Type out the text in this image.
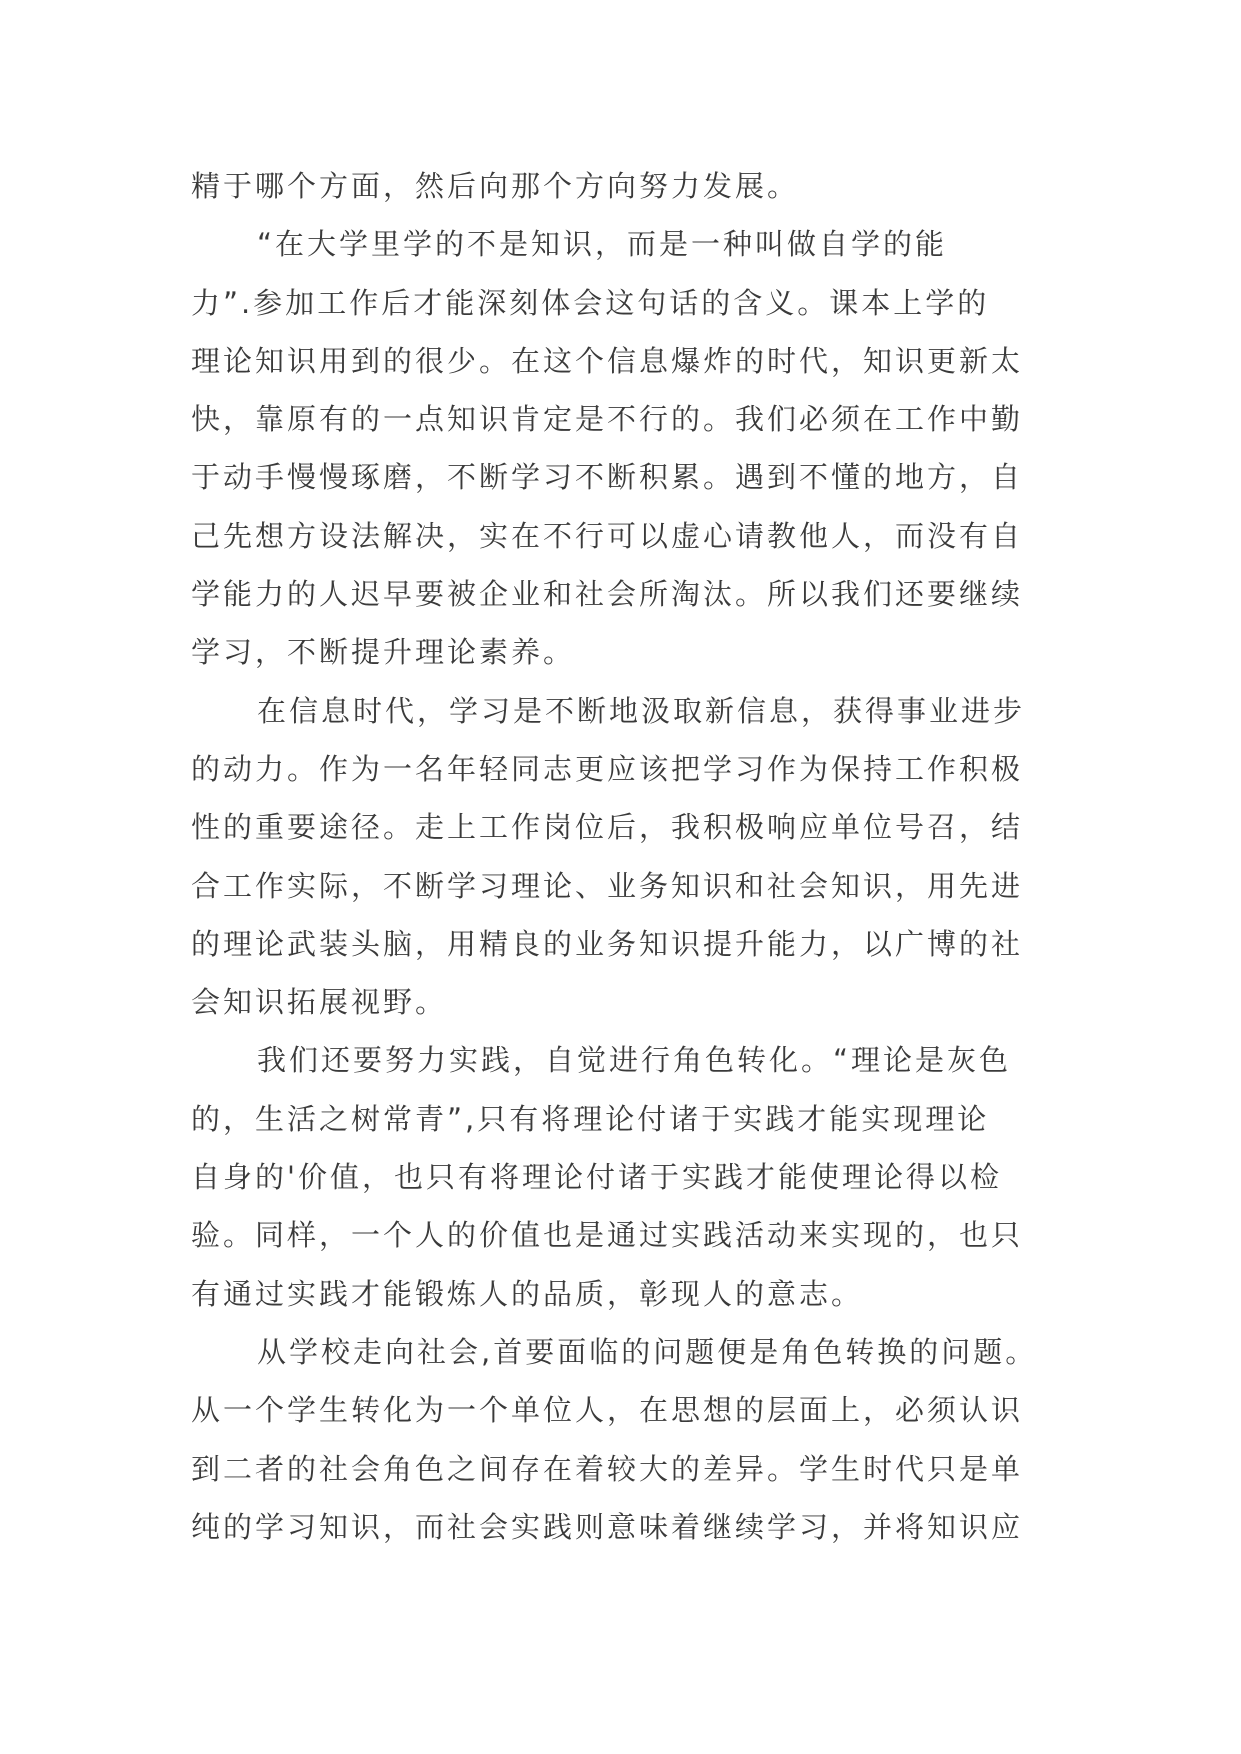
精于哪个方面，然后向那个方向努力发展。

“在大学里学的不是知识，而是一种叫做自学的能
力”.参加工作后才能深刻体会这句话的含义。课本上学的
理论知识用到的很少。在这个信息爆炸的时代，知识更新太
快，靠原有的一点知识肯定是不行的。我们必须在工作中勤
于动手慢慢琢磨，不断学习不断积累。遇到不懂的地方，自
己先想方设法解决，实在不行可以虚心请教他人，而没有自
学能力的人迟早要被企业和社会所淘汰。所以我们还要继续
学习，不断提升理论素养。

在信息时代，学习是不断地汲取新信息，获得事业进步
的动力。作为一名年轻同志更应该把学习作为保持工作积极
性的重要途径。走上工作岗位后，我积极响应单位号召，结
合工作实际，不断学习理论、业务知识和社会知识，用先进
的理论武装头脑，用精良的业务知识提升能力，以广博的社
会知识拓展视野。

我们还要努力实践，自觉进行角色转化。“理论是灰色
的，生活之树常青”,只有将理论付诸于实践才能实现理论
自身的'价值，也只有将理论付诸于实践才能使理论得以检
验。同样，一个人的价值也是通过实践活动来实现的，也只
有通过实践才能锻炼人的品质，彰现人的意志。

从学校走向社会,首要面临的问题便是角色转换的问题。
从一个学生转化为一个单位人，在思想的层面上，必须认识
到二者的社会角色之间存在着较大的差异。学生时代只是单
纯的学习知识，而社会实践则意味着继续学习，并将知识应
